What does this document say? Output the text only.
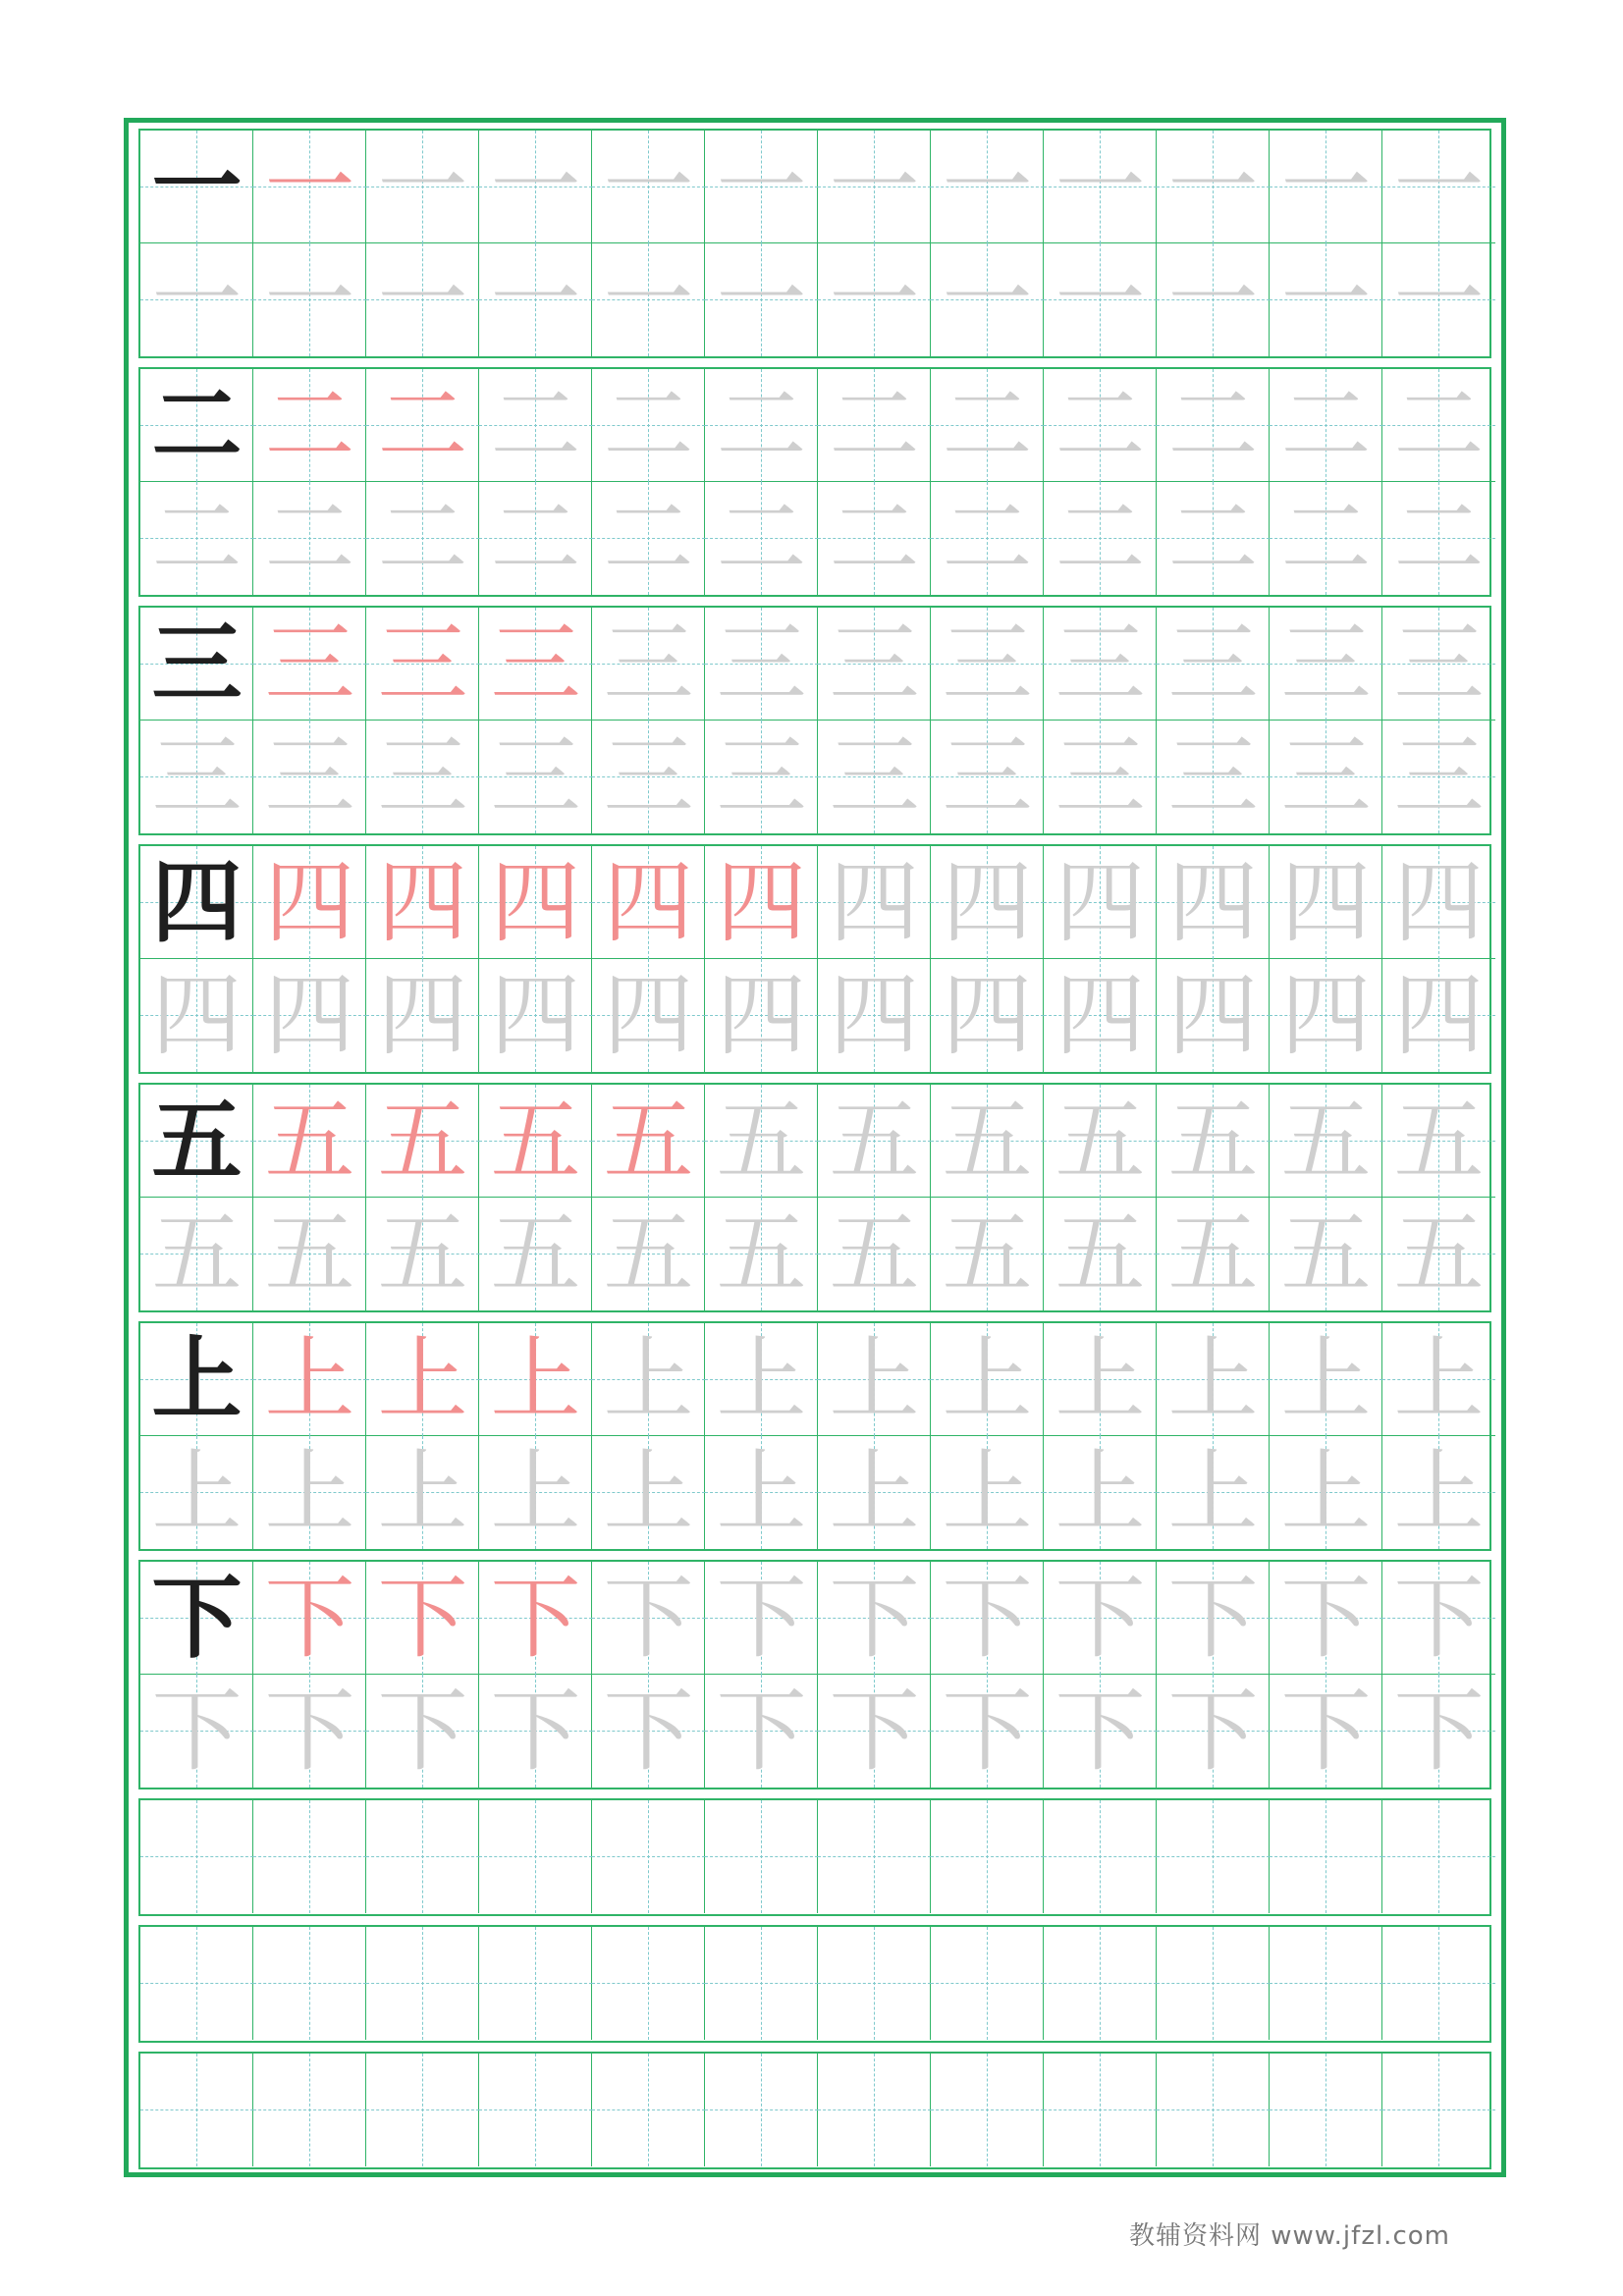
一 一 一 一 一 一 一 一 一 一 一 一
一 一 一 一 一 一 一 一 一 一 一 一
二 二 二 二 二 二 二 二 二 二 二 二
二 二 二 二 二 二 二 二 二 二 二 二
三 三 三 三 三 三 三 三 三 三 三 三
三 三 三 三 三 三 三 三 三 三 三 三
四 四 四 四 四 四 四 四 四 四 四 四
四 四 四 四 四 四 四 四 四 四 四 四
五 五 五 五 五 五 五 五 五 五 五 五
五 五 五 五 五 五 五 五 五 五 五 五
上 上 上 上 上 上 上 上 上 上 上 上
上 上 上 上 上 上 上 上 上 上 上 上
下 下 下 下 下 下 下 下 下 下 下 下
下 下 下 下 下 下 下 下 下 下 下 下
教辅资料网 www.jfzl.com
